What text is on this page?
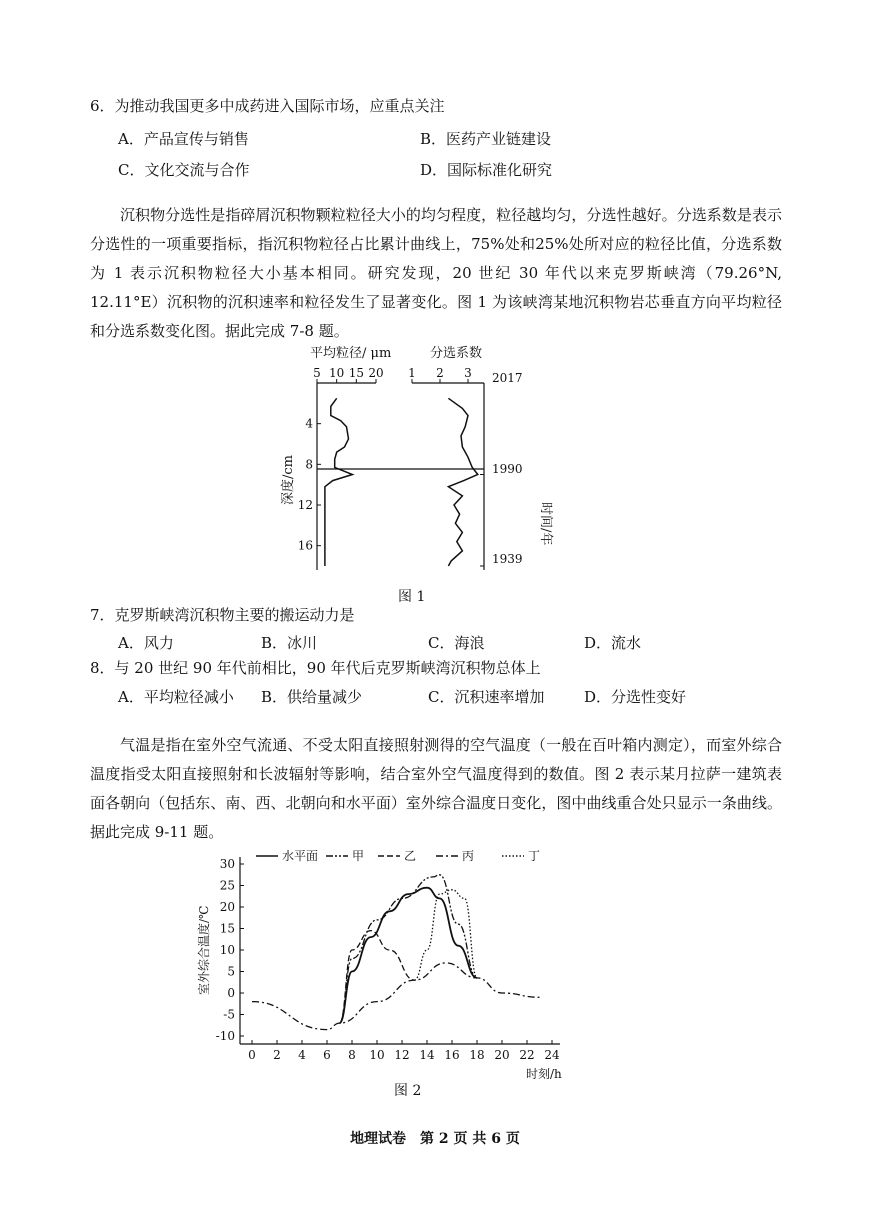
6．为推动我国更多中成药进入国际市场，应重点关注
A．产品宣传与销售	B．医药产业链建设
C．文化交流与合作	D．国际标准化研究
沉积物分选性是指碎屑沉积物颗粒粒径大小的均匀程度，粒径越均匀，分选性越好。分选系数是表示分选性的一项重要指标，指沉积物粒径占比累计曲线上，75%处和25%处所对应的粒径比值，分选系数为 1 表示沉积物粒径大小基本相同。研究发现，20 世纪 30 年代以来克罗斯峡湾（79.26°N, 12.11°E）沉积物的沉积速率和粒径发生了显著变化。图 1 为该峡湾某地沉积物岩芯垂直方向平均粒径和分选系数变化图。据此完成 7-8 题。
平均粒径/ μm	分选系数
5 10 15 20 1 2 3
4
8
12
16
2017
1990
1939
深度/cm
时间/年
图 1
7．克罗斯峡湾沉积物主要的搬运动力是
A．风力	B．冰川	C．海浪	D．流水
8．与 20 世纪 90 年代前相比，90 年代后克罗斯峡湾沉积物总体上
A．平均粒径减小 B．供给量减少	C．沉积速率增加	D．分选性变好
气温是指在室外空气流通、不受太阳直接照射测得的空气温度（一般在百叶箱内测定），而室外综合温度指受太阳直接照射和长波辐射等影响，结合室外空气温度得到的数值。图 2 表示某月拉萨一建筑表面各朝向（包括东、南、西、北朝向和水平面）室外综合温度日变化，图中曲线重合处只显示一条曲线。据此完成 9-11 题。
0 2 4 6 8 10 12 14 16 18 20 22 24
-10
-5
0
5
10
15
20
25
30
水平面	甲	乙	丙	丁
室外综合温度/℃
时刻/h
图 2
地理试卷　第 2 页 共 6 页
